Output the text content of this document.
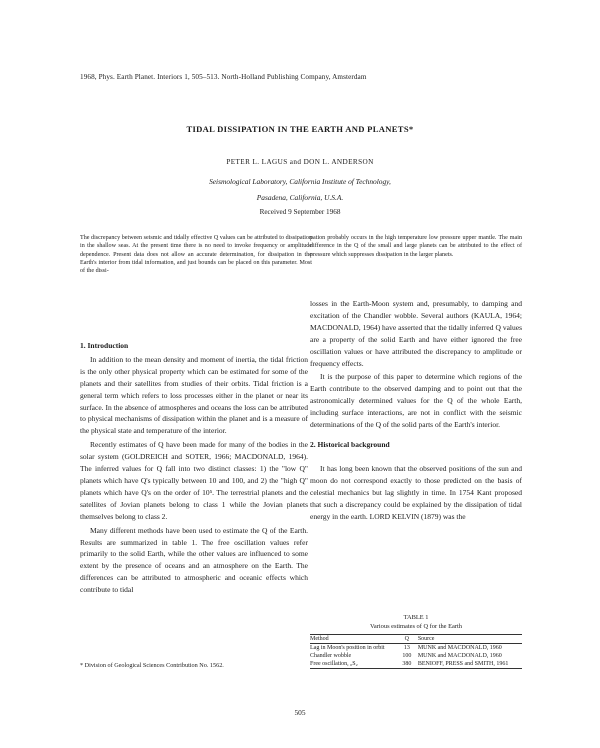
1968, Phys. Earth Planet. Interiors 1, 505–513. North-Holland Publishing Company, Amsterdam
TIDAL DISSIPATION IN THE EARTH AND PLANETS*
PETER L. LAGUS and DON L. ANDERSON
Seismological Laboratory, California Institute of Technology,
Pasadena, California, U.S.A.
Received 9 September 1968
The discrepancy between seismic and tidally effective Q values can be attributed to dissipation in the shallow seas. At the present time there is no need to invoke frequency or amplitude dependence. Present data does not allow an accurate determination, for dissipation in the Earth's interior from tidal information, and just bounds can be placed on this parameter. Most of the dissi-
pation probably occurs in the high temperature low pressure upper mantle. The main difference in the Q of the small and large planets can be attributed to the effect of pressure which suppresses dissipation in the larger planets.

1. Introduction

In addition to the mean density and moment of inertia, the tidal friction is the only other physical property which can be estimated for some of the planets and their satellites from studies of their orbits. Tidal friction is a general term which refers to loss processes either in the planet or near its surface. In the absence of atmospheres and oceans the loss can be attributed to physical mechanisms of dissipation within the planet and is a measure of the physical state and temperature of the interior.

Recently estimates of Q have been made for many of the bodies in the solar system (GOLDREICH and SOTER, 1966; MACDONALD, 1964). The inferred values for Q fall into two distinct classes: 1) the "low Q" planets which have Q's typically between 10 and 100, and 2) the "high Q" planets which have Q's on the order of 10⁵. The terrestrial planets and the satellites of Jovian planets belong to class 1 while the Jovian planets themselves belong to class 2.

Many different methods have been used to estimate the Q of the Earth. Results are summarized in table 1. The free oscillation values refer primarily to the solid Earth, while the other values are influenced to some extent by the presence of oceans and an atmosphere on the Earth. The differences can be attributed to atmospheric and oceanic effects which contribute to tidal

losses in the Earth-Moon system and, presumably, to damping and excitation of the Chandler wobble. Several authors (KAULA, 1964; MACDONALD, 1964) have asserted that the tidally inferred Q values are a property of the solid Earth and have either ignored the free oscillation values or have attributed the discrepancy to amplitude or frequency effects.

It is the purpose of this paper to determine which regions of the Earth contribute to the observed damping and to point out that the astronomically determined values for the Q of the whole Earth, including surface interactions, are not in conflict with the seismic determinations of the Q of the solid parts of the Earth's interior.

2. Historical background

It has long been known that the observed positions of the sun and moon do not correspond exactly to those predicted on the basis of celestial mechanics but lag slightly in time. In 1754 Kant proposed that such a discrepancy could be explained by the dissipation of tidal energy in the earth. LORD KELVIN (1879) was the

TABLE 1
Various estimates of Q for the Earth
Method	Q	Source
Lag in Moon's position in orbit	13	MUNK and MACDONALD, 1960
Chandler wobble	100	MUNK and MACDONALD, 1960
Free oscillation, ₀S₂	380	BENIOFF, PRESS and SMITH, 1961
* Division of Geological Sciences Contribution No. 1562.
505
